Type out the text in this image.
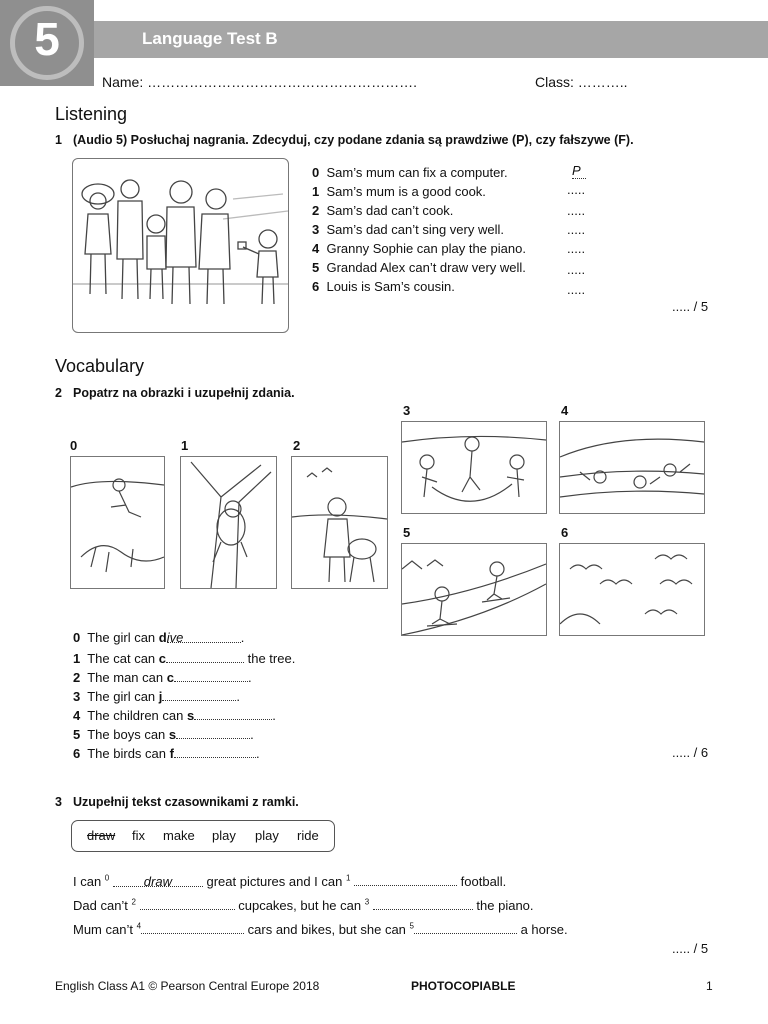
5	Language Test B
Name: ………………………………………………….	Class: ………..
Listening
1 (Audio 5) Posłuchaj nagrania. Zdecyduj, czy podane zdania są prawdziwe (P), czy fałszywe (F).
0 Sam’s mum can fix a computer.	P
1 Sam’s mum is a good cook.	.....
2 Sam’s dad can’t cook.	.....
3 Sam’s dad can’t sing very well.	.....
4 Granny Sophie can play the piano.	.....
5 Grandad Alex can’t draw very well.	.....
6 Louis is Sam’s cousin.	.....
..... / 5
Vocabulary
2 Popatrz na obrazki i uzupełnij zdania.
0	1	2
3	4
5	6
0 The girl can dive	.
1 The cat can c	the tree.
2 The man can c	.
3 The girl can j	.
4 The children can s	.
5 The boys can s	.
6 The birds can f	.	..... / 6
3 Uzupełnij tekst czasownikami z ramki.
draw fix make play play ride
I can $^0$	draw great pictures and I can $^1$	football.
Dad can’t $^2$	cupcakes, but he can $^3$	the piano.
Mum can’t $^4$	cars and bikes, but she can $^5$	a horse.
..... / 5
English Class A1 © Pearson Central Europe 2018	PHOTOCOPIABLE	1
